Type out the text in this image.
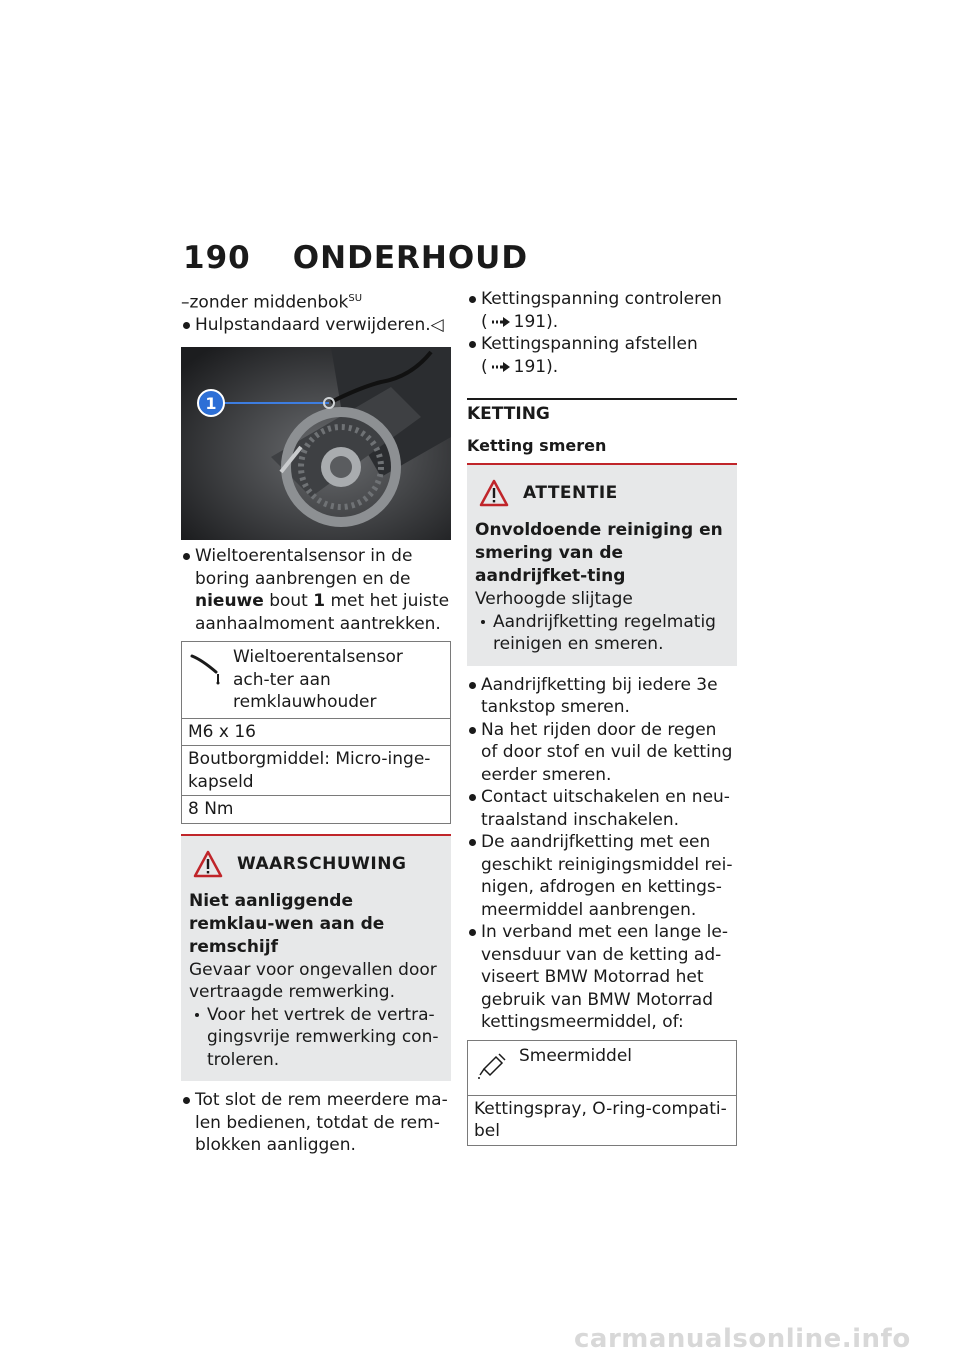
190 ONDERHOUD
–zonder middenbok$^{SU}$
Hulpstandaard verwijderen.◁
1
Wieltoerentalsensor in de boring aanbrengen en de nieuwe bout 1 met het juiste aanhaalmoment aantrekken.
Wieltoerentalsensor ach-ter aan remklauwhouder
M6 x 16
Boutborgmiddel: Micro-inge-kapseld
8 Nm
WAARSCHUWING
Niet aanliggende remklau-wen aan de remschijf
Gevaar voor ongevallen door vertraagde remwerking.
Voor het vertrek de vertra-gingsvrije remwerking con-troleren.
Tot slot de rem meerdere ma-len bedienen, totdat de rem-blokken aanliggen.
Kettingspanning controleren
( 191).
Kettingspanning afstellen
( 191).
KETTING
Ketting smeren
ATTENTIE
Onvoldoende reiniging en smering van de aandrijfket-ting
Verhoogde slijtage
Aandrijfketting regelmatig reinigen en smeren.
Aandrijfketting bij iedere 3e tankstop smeren.
Na het rijden door de regen of door stof en vuil de ketting eerder smeren.
Contact uitschakelen en neu-traalstand inschakelen.
De aandrijfketting met een geschikt reinigingsmiddel rei-nigen, afdrogen en kettings-meermiddel aanbrengen.
In verband met een lange le-vensduur van de ketting ad-viseert BMW Motorrad het gebruik van BMW Motorrad kettingsmeermiddel, of:
Smeermiddel
Kettingspray, O-ring-compati-bel
carmanualsonline.info
